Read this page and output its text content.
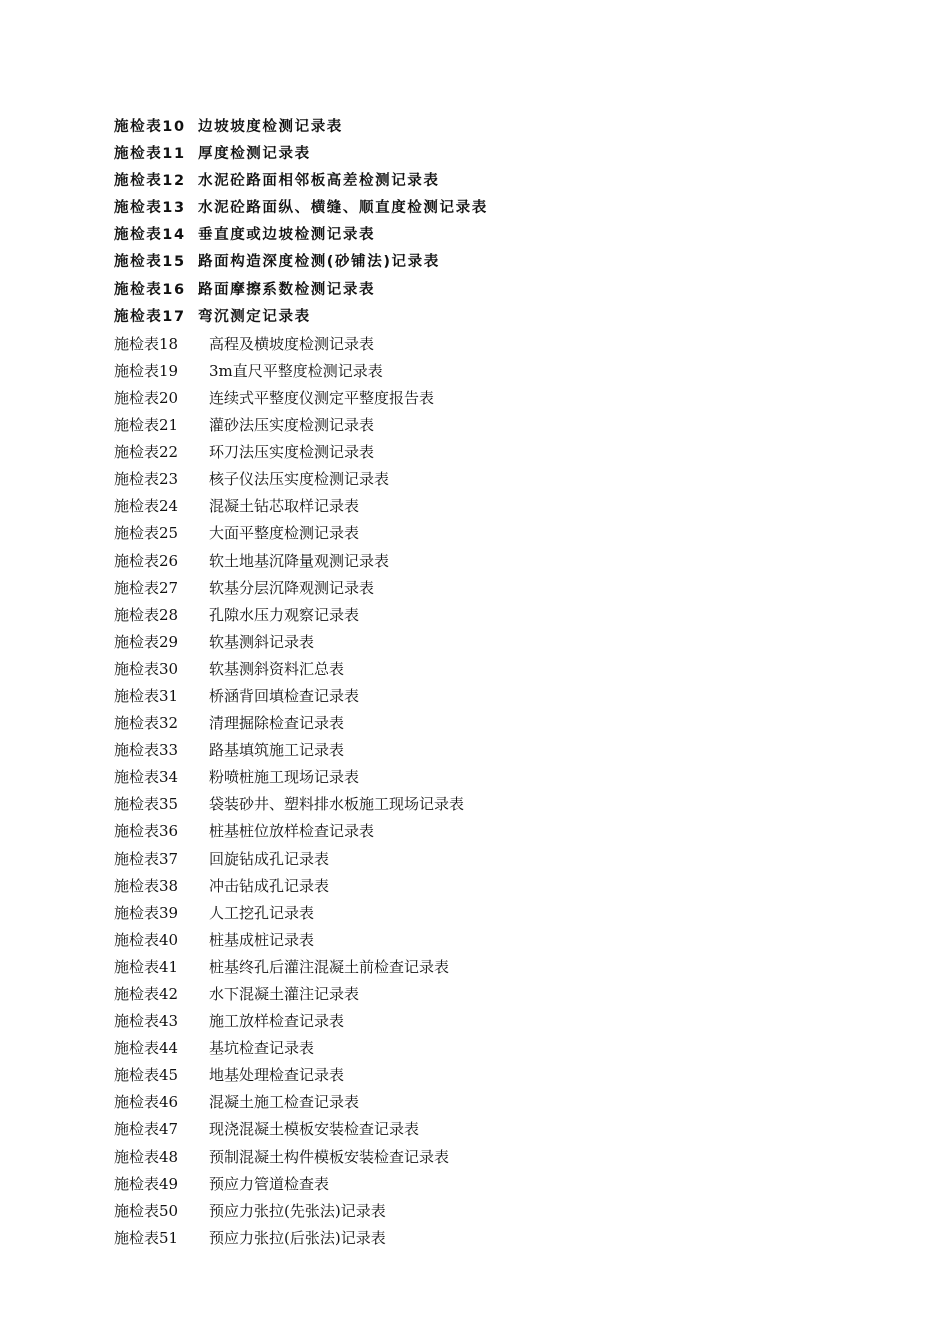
施检表10 边坡坡度检测记录表
施检表11 厚度检测记录表
施检表12 水泥砼路面相邻板高差检测记录表
施检表13 水泥砼路面纵、横缝、顺直度检测记录表
施检表14 垂直度或边坡检测记录表
施检表15 路面构造深度检测(砂铺法)记录表
施检表16 路面摩擦系数检测记录表
施检表17 弯沉测定记录表
施检表18	高程及横坡度检测记录表
施检表19	3m直尺平整度检测记录表
施检表20	连续式平整度仪测定平整度报告表
施检表21	灌砂法压实度检测记录表
施检表22	环刀法压实度检测记录表
施检表23	核子仪法压实度检测记录表
施检表24	混凝土钻芯取样记录表
施检表25	大面平整度检测记录表
施检表26	软土地基沉降量观测记录表
施检表27	软基分层沉降观测记录表
施检表28	孔隙水压力观察记录表
施检表29	软基测斜记录表
施检表30	软基测斜资料汇总表
施检表31	桥涵背回填检查记录表
施检表32	清理掘除检查记录表
施检表33	路基填筑施工记录表
施检表34	粉喷桩施工现场记录表
施检表35	袋装砂井、塑料排水板施工现场记录表
施检表36	桩基桩位放样检查记录表
施检表37	回旋钻成孔记录表
施检表38	冲击钻成孔记录表
施检表39	人工挖孔记录表
施检表40	桩基成桩记录表
施检表41	桩基终孔后灌注混凝土前检查记录表
施检表42	水下混凝土灌注记录表
施检表43	施工放样检查记录表
施检表44	基坑检查记录表
施检表45	地基处理检查记录表
施检表46	混凝土施工检查记录表
施检表47	现浇混凝土模板安装检查记录表
施检表48	预制混凝土构件模板安装检查记录表
施检表49	预应力管道检查表
施检表50	预应力张拉(先张法)记录表
施检表51	预应力张拉(后张法)记录表
